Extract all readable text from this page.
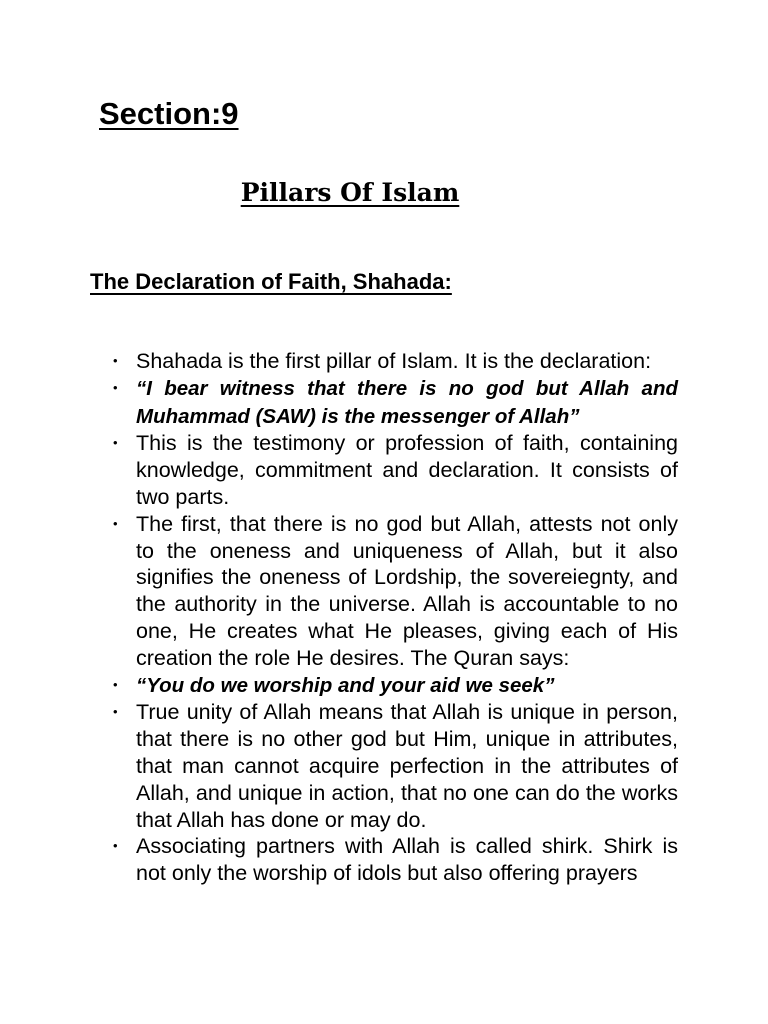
Section:9
Pillars Of Islam
The Declaration of Faith, Shahada:
• Shahada is the first pillar of Islam. It is the declaration:
• “I bear witness that there is no god but Allah and Muhammad (SAW) is the messenger of Allah”
• This is the testimony or profession of faith, containing knowledge, commitment and declaration. It consists of two parts.
• The first, that there is no god but Allah, attests not only to the oneness and uniqueness of Allah, but it also signifies the oneness of Lordship, the sovereiegnty, and the authority in the universe. Allah is accountable to no one, He creates what He pleases, giving each of His creation the role He desires. The Quran says:
• “You do we worship and your aid we seek”
• True unity of Allah means that Allah is unique in person, that there is no other god but Him, unique in attributes, that man cannot acquire perfection in the attributes of Allah, and unique in action, that no one can do the works that Allah has done or may do.
• Associating partners with Allah is called shirk. Shirk is not only the worship of idols but also offering prayers
